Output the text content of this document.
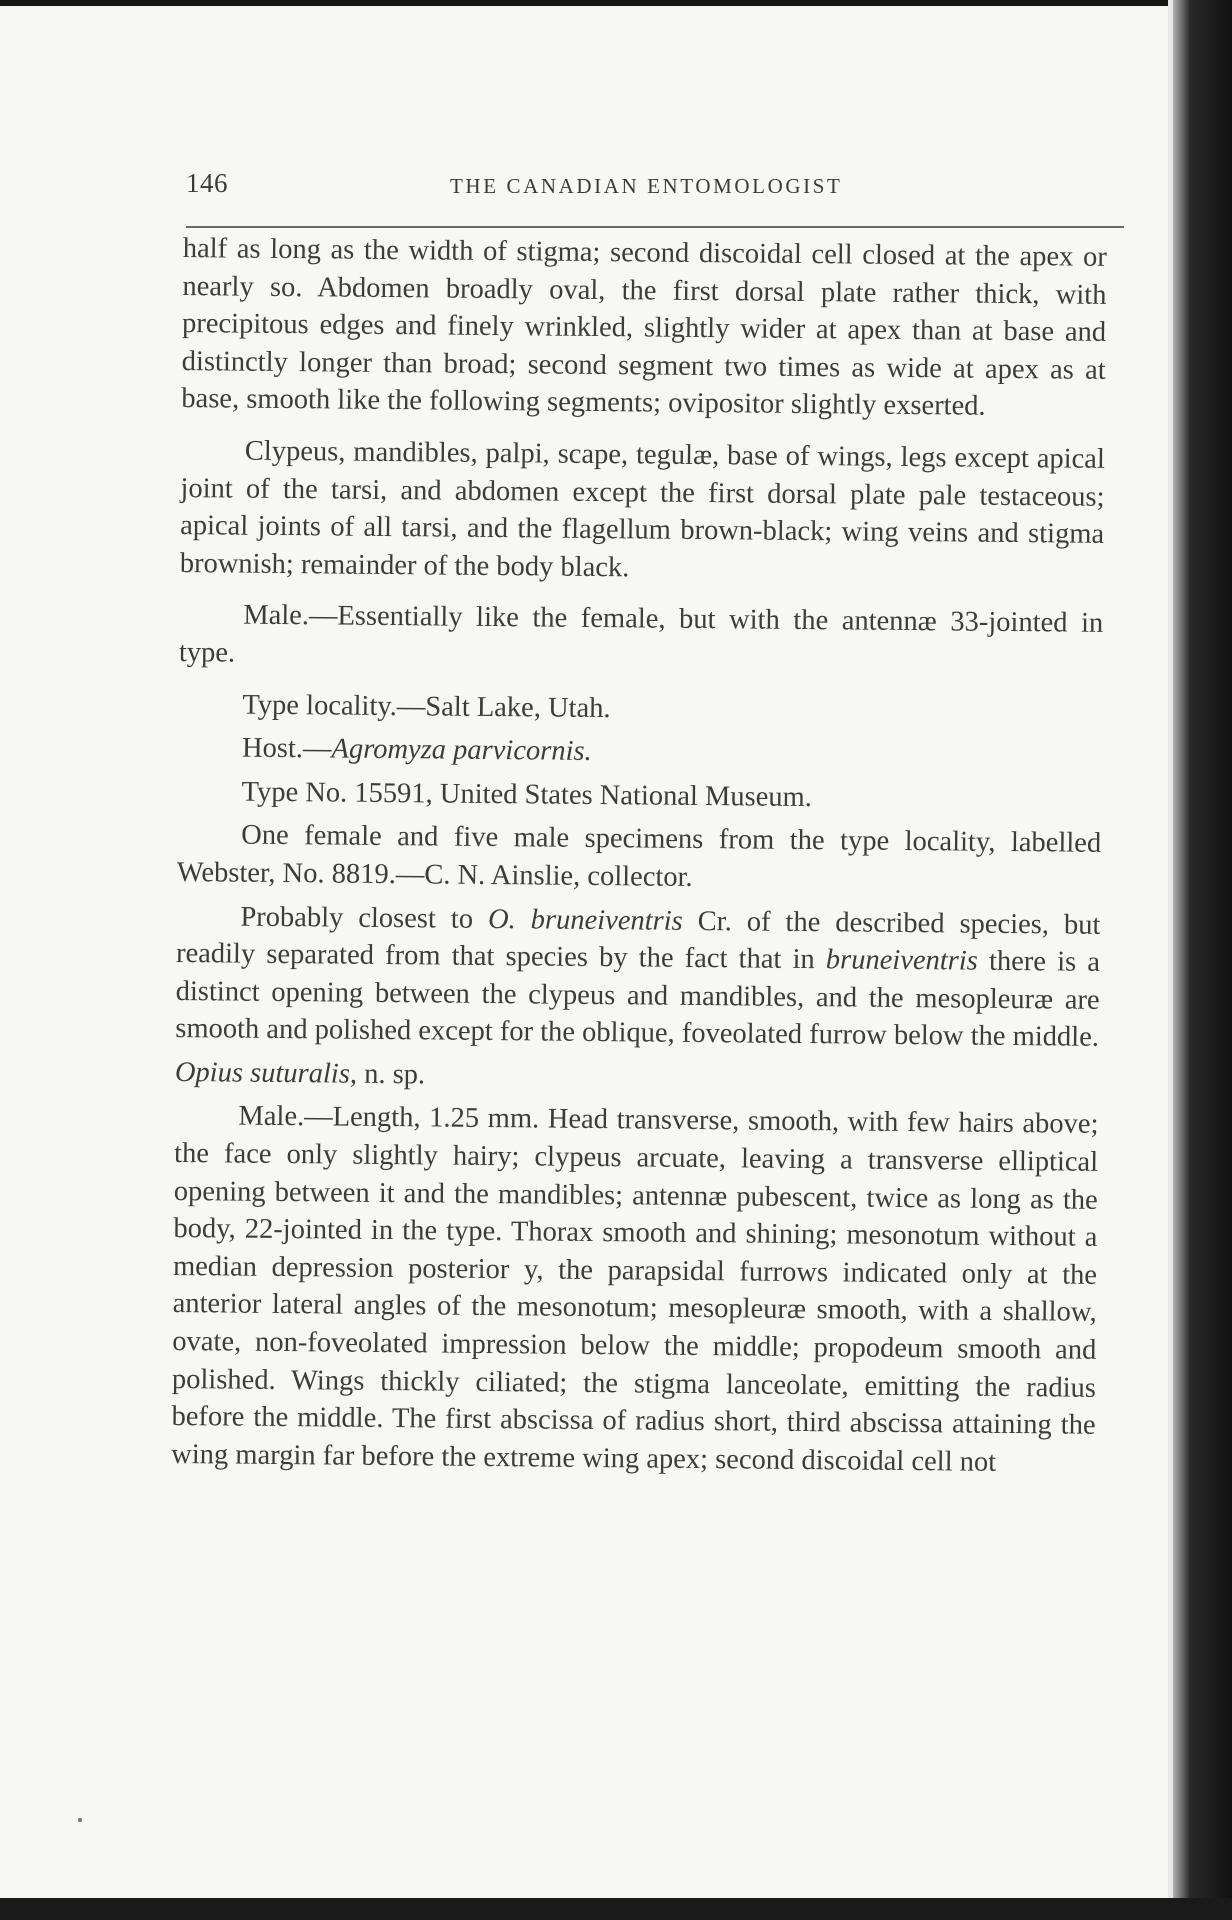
146	THE CANADIAN ENTOMOLOGIST

half as long as the width of stigma; second discoidal cell closed at the apex or nearly so. Abdomen broadly oval, the first dorsal plate rather thick, with precipitous edges and finely wrinkled, slightly wider at apex than at base and distinctly longer than broad; second segment two times as wide at apex as at base, smooth like the following segments; ovipositor slightly exserted.

Clypeus, mandibles, palpi, scape, tegulæ, base of wings, legs except apical joint of the tarsi, and abdomen except the first dorsal plate pale testaceous; apical joints of all tarsi, and the flagellum brown-black; wing veins and stigma brownish; remainder of the body black.

Male.—Essentially like the female, but with the antennæ 33-jointed in type.

Type locality.—Salt Lake, Utah.

Host.—Agromyza parvicornis.

Type No. 15591, United States National Museum.

One female and five male specimens from the type locality, labelled Webster, No. 8819.—C. N. Ainslie, collector.

Probably closest to O. bruneiventris Cr. of the described species, but readily separated from that species by the fact that in bruneiventris there is a distinct opening between the clypeus and mandibles, and the mesopleuræ are smooth and polished except for the oblique, foveolated furrow below the middle.

Opius suturalis, n. sp.

Male.—Length, 1.25 mm. Head transverse, smooth, with few hairs above; the face only slightly hairy; clypeus arcuate, leaving a transverse elliptical opening between it and the mandibles; antennæ pubescent, twice as long as the body, 22-jointed in the type. Thorax smooth and shining; mesonotum without a median depression posterior y, the parapsidal furrows indicated only at the anterior lateral angles of the mesonotum; mesopleuræ smooth, with a shallow, ovate, non-foveolated impression below the middle; propodeum smooth and polished. Wings thickly ciliated; the stigma lanceolate, emitting the radius before the middle. The first abscissa of radius short, third abscissa attaining the wing margin far before the extreme wing apex; second discoidal cell not
